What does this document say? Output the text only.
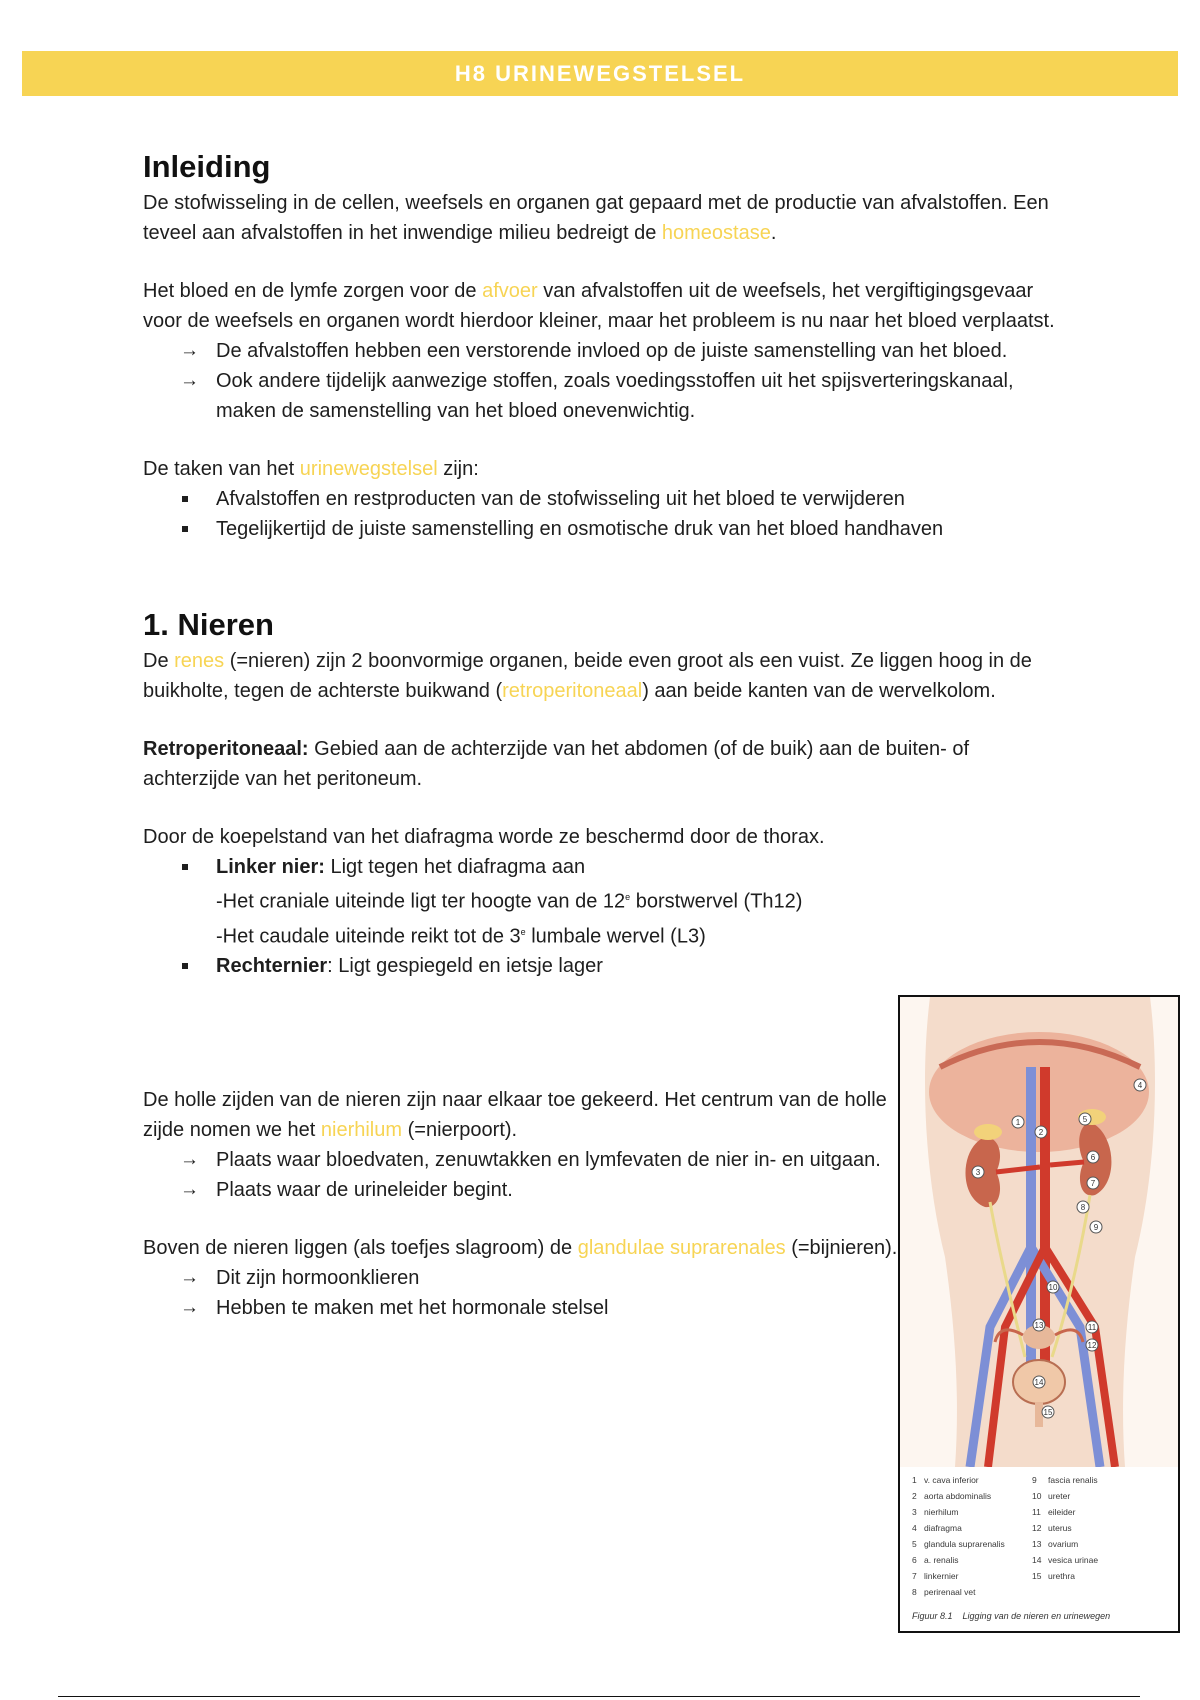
H8 URINEWEGSTELSEL
Inleiding

De stofwisseling in de cellen, weefsels en organen gat gepaard met de productie van afvalstoffen. Een teveel aan afvalstoffen in het inwendige milieu bedreigt de homeostase.

Het bloed en de lymfe zorgen voor de afvoer van afvalstoffen uit de weefsels, het vergiftigingsgevaar voor de weefsels en organen wordt hierdoor kleiner, maar het probleem is nu naar het bloed verplaatst.

→ De afvalstoffen hebben een verstorende invloed op de juiste samenstelling van het bloed.
→ Ook andere tijdelijk aanwezige stoffen, zoals voedingsstoffen uit het spijsverteringskanaal, maken de samenstelling van het bloed onevenwichtig.

De taken van het urinewegstelsel zijn:

Afvalstoffen en restproducten van de stofwisseling uit het bloed te verwijderen
Tegelijkertijd de juiste samenstelling en osmotische druk van het bloed handhaven
1. Nieren

De renes (=nieren) zijn 2 boonvormige organen, beide even groot als een vuist. Ze liggen hoog in de buikholte, tegen de achterste buikwand (retroperitoneaal) aan beide kanten van de wervelkolom.

Retroperitoneaal: Gebied aan de achterzijde van het abdomen (of de buik) aan de buiten- of achterzijde van het peritoneum.

Door de koepelstand van het diafragma worde ze beschermd door de thorax.

Linker nier: Ligt tegen het diafragma aan
-Het craniale uiteinde ligt ter hoogte van de 12e borstwervel (Th12)
-Het caudale uiteinde reikt tot de 3e lumbale wervel (L3)
Rechternier: Ligt gespiegeld en ietsje lager

De holle zijden van de nieren zijn naar elkaar toe gekeerd. Het centrum van de holle zijde nomen we het nierhilum (=nierpoort).

→ Plaats waar bloedvaten, zenuwtakken en lymfevaten de nier in- en uitgaan.
→ Plaats waar de urineleider begint.

Boven de nieren liggen (als toefjes slagroom) de glandulae suprarenales (=bijnieren).

→ Dit zijn hormoonklieren
→ Hebben te maken met het hormonale stelsel
1
2
3
4
5
6
7
8
9
10
11
12
13
14
15
1 v. cava inferior
2 aorta abdominalis
3 nierhilum
4 diafragma
5 glandula suprarenalis
6 a. renalis
7 linkernier
8 perirenaal vet
9 fascia renalis
10 ureter
11 eileider
12 uterus
13 ovarium
14 vesica urinae
15 urethra
Figuur 8.1 Ligging van de nieren en urinewegen
